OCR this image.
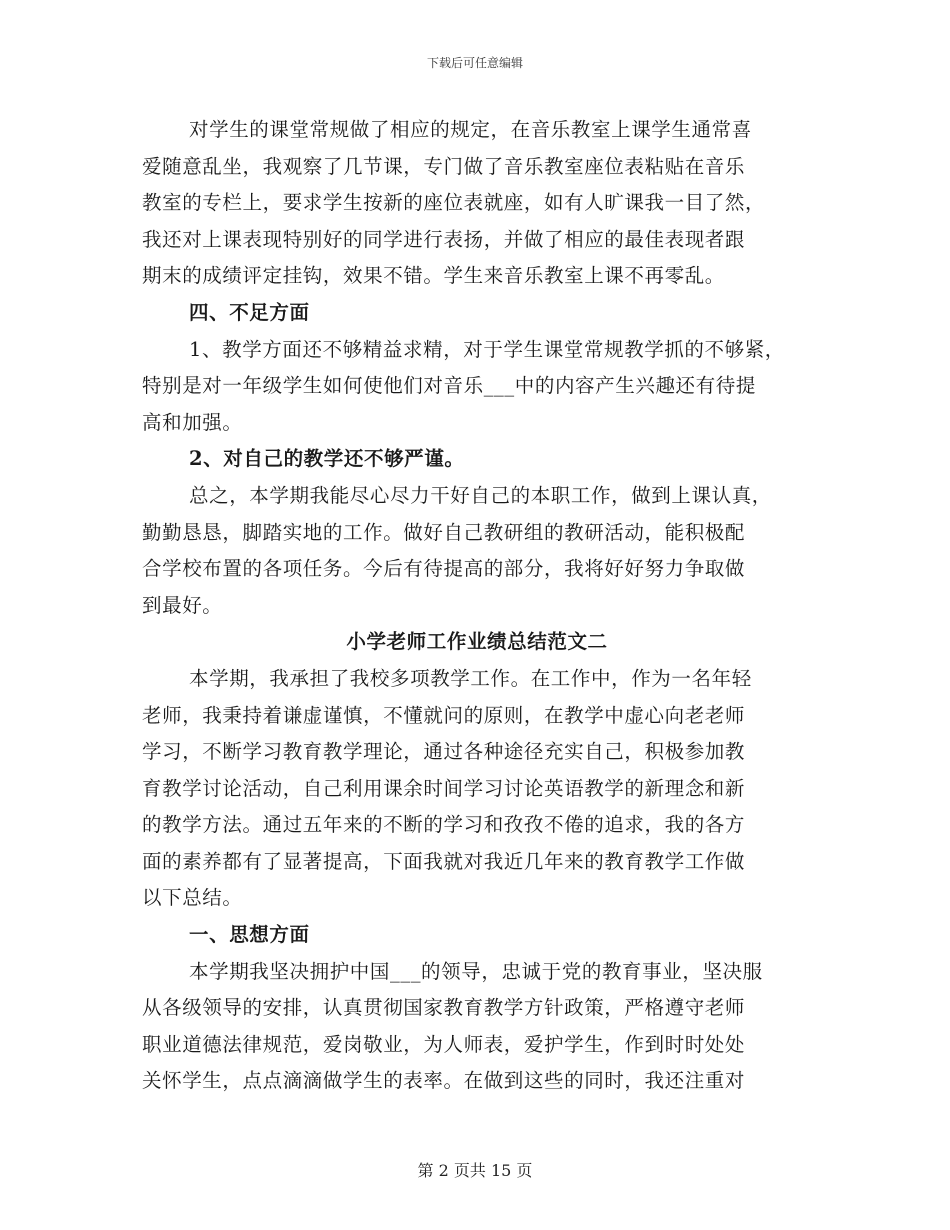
下载后可任意编辑
对学生的课堂常规做了相应的规定，在音乐教室上课学生通常喜
爱随意乱坐，我观察了几节课，专门做了音乐教室座位表粘贴在音乐
教室的专栏上，要求学生按新的座位表就座，如有人旷课我一目了然，
我还对上课表现特别好的同学进行表扬，并做了相应的最佳表现者跟
期末的成绩评定挂钩，效果不错。学生来音乐教室上课不再零乱。
四、不足方面
1、教学方面还不够精益求精，对于学生课堂常规教学抓的不够紧，
特别是对一年级学生如何使他们对音乐___中的内容产生兴趣还有待提
高和加强。
2、对自己的教学还不够严谨。
总之，本学期我能尽心尽力干好自己的本职工作，做到上课认真，
勤勤恳恳，脚踏实地的工作。做好自己教研组的教研活动，能积极配
合学校布置的各项任务。今后有待提高的部分，我将好好努力争取做
到最好。
小学老师工作业绩总结范文二
本学期，我承担了我校多项教学工作。在工作中，作为一名年轻
老师，我秉持着谦虚谨慎，不懂就问的原则，在教学中虚心向老老师
学习，不断学习教育教学理论，通过各种途径充实自己，积极参加教
育教学讨论活动，自己利用课余时间学习讨论英语教学的新理念和新
的教学方法。通过五年来的不断的学习和孜孜不倦的追求，我的各方
面的素养都有了显著提高，下面我就对我近几年来的教育教学工作做
以下总结。
一、思想方面
本学期我坚决拥护中国___的领导，忠诚于党的教育事业，坚决服
从各级领导的安排，认真贯彻国家教育教学方针政策，严格遵守老师
职业道德法律规范，爱岗敬业，为人师表，爱护学生，作到时时处处
关怀学生，点点滴滴做学生的表率。在做到这些的同时，我还注重对
第 2 页共 15 页
